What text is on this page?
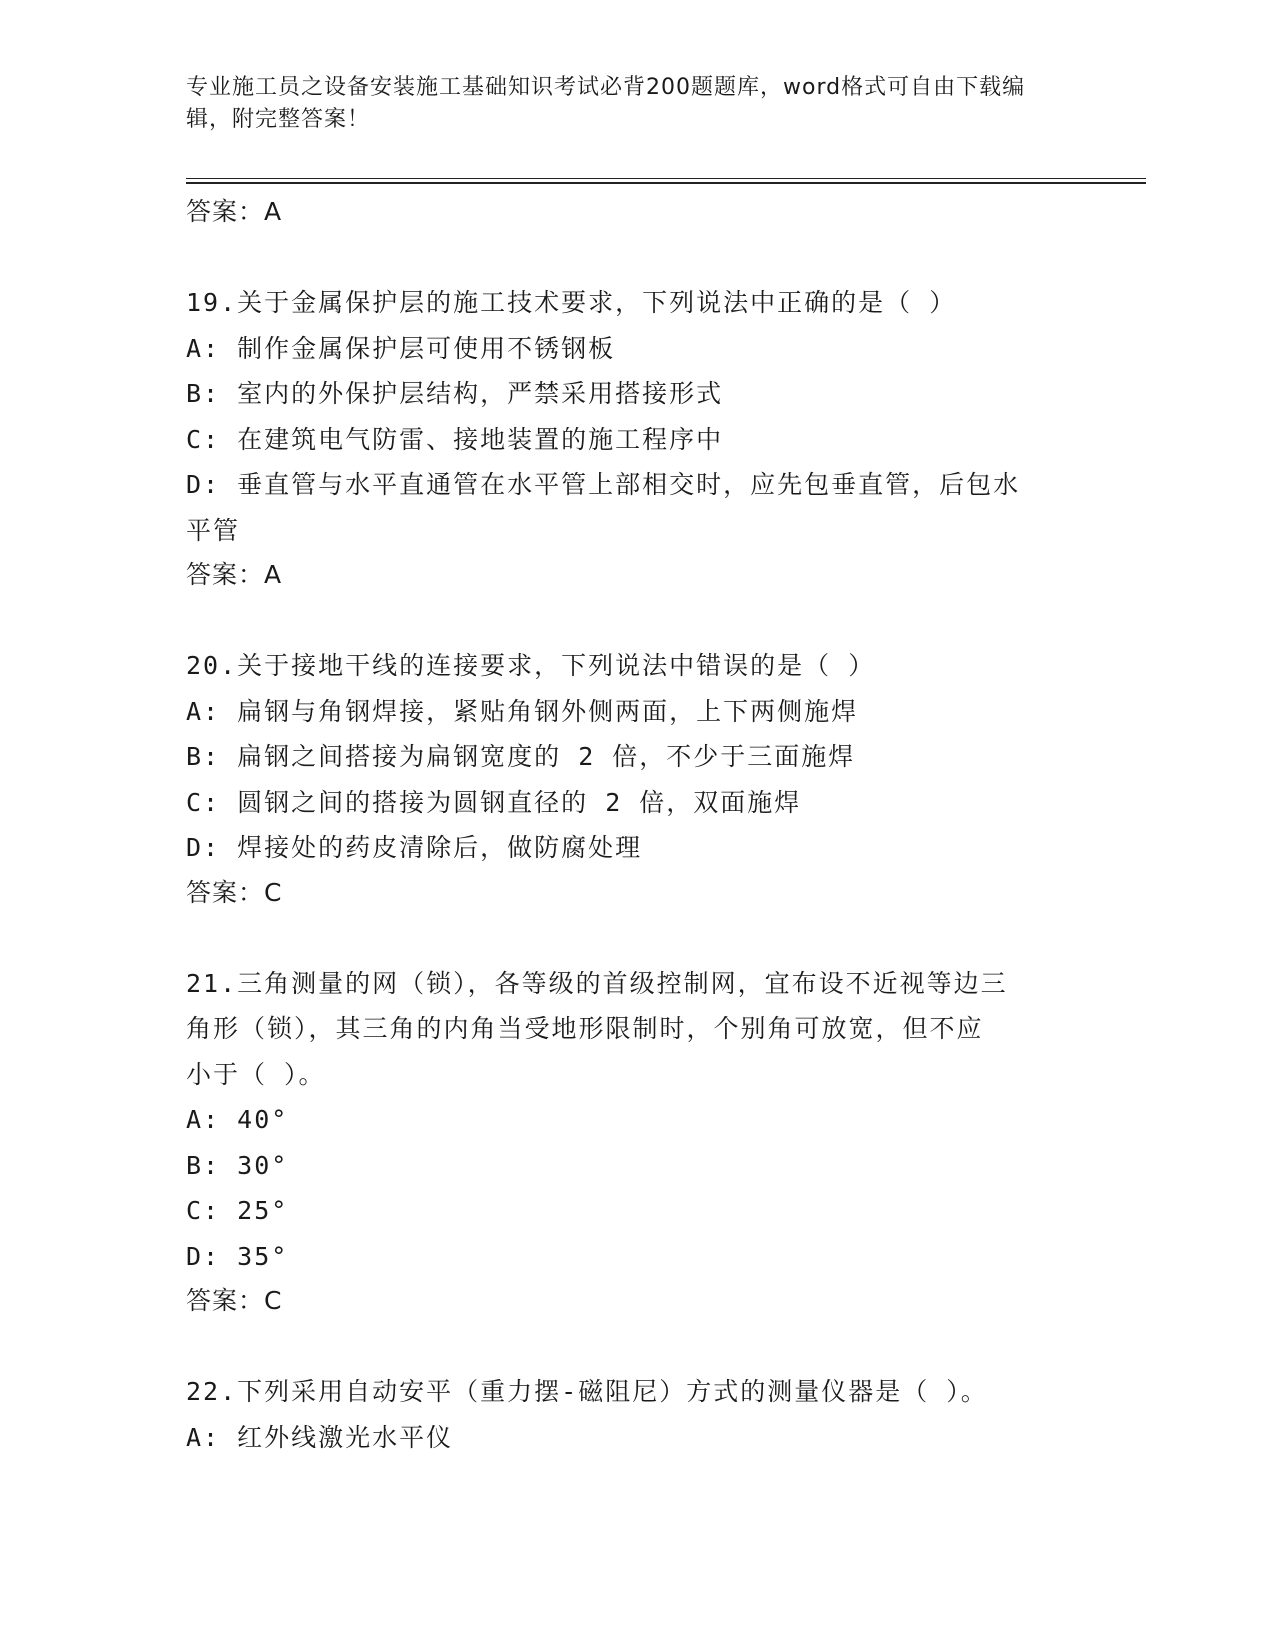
专业施工员之设备安装施工基础知识考试必背200题题库，word格式可自由下载编辑，附完整答案！
答案：A
19.关于金属保护层的施工技术要求，下列说法中正确的是（ ）
A: 制作金属保护层可使用不锈钢板
B: 室内的外保护层结构，严禁采用搭接形式
C: 在建筑电气防雷、接地装置的施工程序中
D: 垂直管与水平直通管在水平管上部相交时，应先包垂直管，后包水
平管
答案：A
20.关于接地干线的连接要求，下列说法中错误的是（ ）
A: 扁钢与角钢焊接，紧贴角钢外侧两面，上下两侧施焊
B: 扁钢之间搭接为扁钢宽度的 2 倍，不少于三面施焊
C: 圆钢之间的搭接为圆钢直径的 2 倍，双面施焊
D: 焊接处的药皮清除后，做防腐处理
答案：C
21.三角测量的网（锁），各等级的首级控制网，宜布设不近视等边三
角形（锁），其三角的内角当受地形限制时，个别角可放宽，但不应
小于（ ）。
A: 40°
B: 30°
C: 25°
D: 35°
答案：C
22.下列采用自动安平（重力摆-磁阻尼）方式的测量仪器是（ ）。
A: 红外线激光水平仪
